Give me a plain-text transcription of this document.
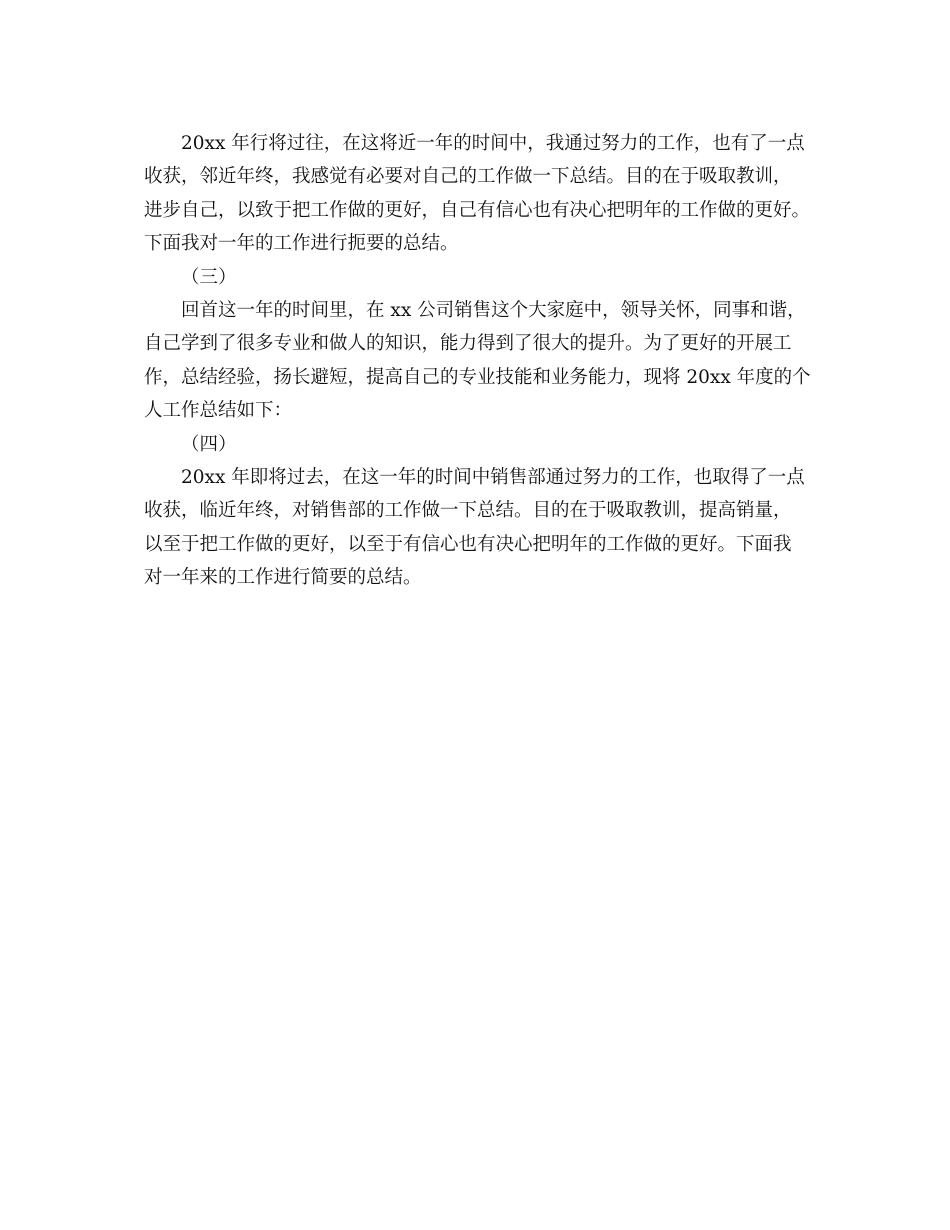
20xx 年行将过往，在这将近一年的时间中，我通过努力的工作，也有了一点
收获，邻近年终，我感觉有必要对自己的工作做一下总结。目的在于吸取教训，
进步自己，以致于把工作做的更好，自己有信心也有决心把明年的工作做的更好。
下面我对一年的工作进行扼要的总结。
（三）
回首这一年的时间里，在 xx 公司销售这个大家庭中，领导关怀，同事和谐，
自己学到了很多专业和做人的知识，能力得到了很大的提升。为了更好的开展工
作，总结经验，扬长避短，提高自己的专业技能和业务能力，现将 20xx 年度的个
人工作总结如下：
（四）
20xx 年即将过去，在这一年的时间中销售部通过努力的工作，也取得了一点
收获，临近年终，对销售部的工作做一下总结。目的在于吸取教训，提高销量，
以至于把工作做的更好，以至于有信心也有决心把明年的工作做的更好。下面我
对一年来的工作进行简要的总结。
